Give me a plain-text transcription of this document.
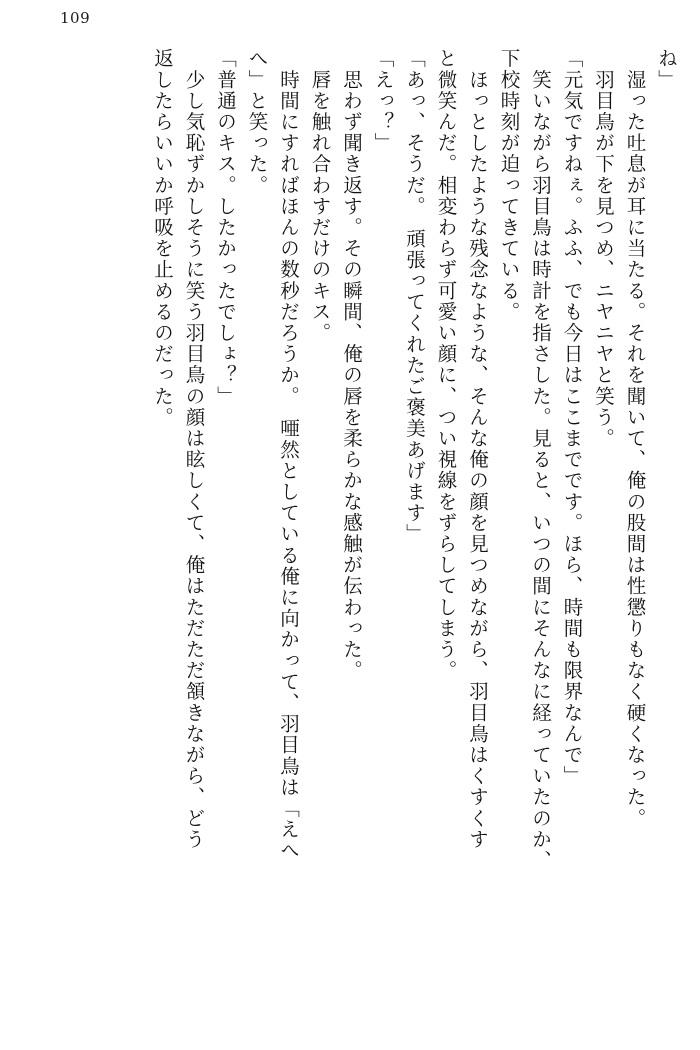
109
ね」
　湿った吐息が耳に当たる。それを聞いて、俺の股間は性懲りもなく硬くなった。
　羽目鳥が下を見つめ、ニヤニヤと笑う。
「元気ですねぇ。ふふ、でも今日はここまでです。ほら、時間も限界なんで」
　笑いながら羽目鳥は時計を指さした。見ると、いつの間にそんなに経っていたのか、
下校時刻が迫ってきている。
　ほっとしたような残念なような、そんな俺の顔を見つめながら、羽目鳥はくすくす
と微笑んだ。相変わらず可愛い顔に、つい視線をずらしてしまう。
「あっ、そうだ。　頑張ってくれたご褒美あげます」
「えっ？」
　思わず聞き返す。その瞬間、俺の唇を柔らかな感触が伝わった。
　唇を触れ合わすだけのキス。
　時間にすればほんの数秒だろうか。　唖然としている俺に向かって、羽目鳥は「えへ
へ」と笑った。
「普通のキス。したかったでしょ？」
　少し気恥ずかしそうに笑う羽目鳥の顔は眩しくて、俺はただただ頷きながら、どう
返したらいいか呼吸を止めるのだった。
